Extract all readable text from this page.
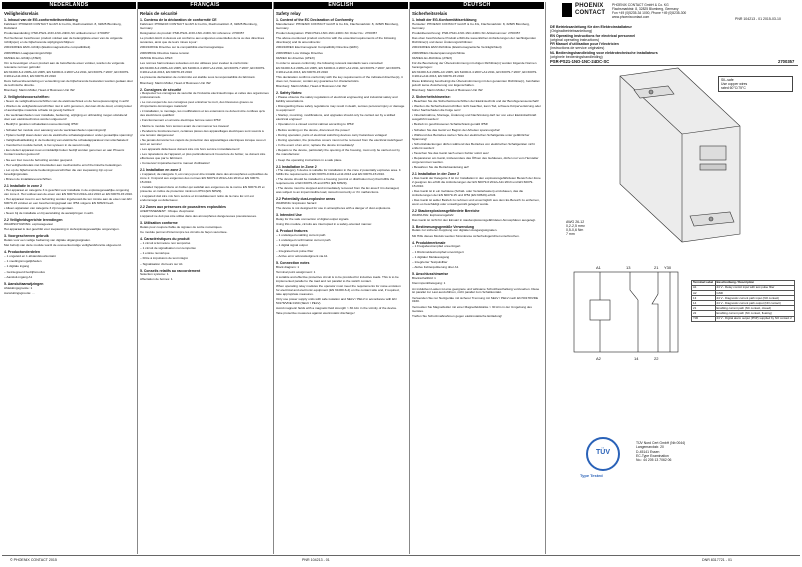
NEDERLANDS
Veiligheidsrelais
1. Inhoud van de EG-conformiteitsverklaring

Fabrikant: PHOENIX CONTACT GmbH & Co.KG, Flachsmarktstr. 8, 32825 Blomberg, Duitsland

Productaanduiding: PSR-PS21-1NO-1NC-24DC-SC artikelnummer: 2700357

Het hierboven beschreven product voldoet aan de belangrijkste eisen van de volgende richtlijn(en) en de bijbehorende wijzigingsrichtlijnen:

2004/108/EG EMC-richtlijn (Elektromagnetische compatibiliteit)

2006/95/EG Laagspanningsrichtlijn

94/9/EG Ex-richtlijn (ATEX)

Om te bevestigen of een product aan de betreffende eisen voldoet, worden de volgende relevante normen gebruikt:

EN 61000-6-2:2005+AC:2005, EN 61000-6-4:2007+A1:2011, EN 60079-7:2007, EN 60079-0:2012+A11:2013, EN 60079-15:2010

Deze beheersbeoordeling en verwerking van de bijbehorende bestanden worden gedaan door de technische directie.

Blomberg: Martin Müller, Head of Business Unit IIW

2. Veiligheidsvoorschriften:

• Neem de veiligheidsvoorschriften van de elektrotechniek en de beroepsvereniging in acht!

• Worden de veiligheidsvoorschriften niet in acht genomen, dan kan dit de dood, ernstig letsel of aanzienlijke materiële schade tot gevolg hebben!

• De werkzaamheden voor installatie, bediening, wijziging en uitbreiding mogen uitsluitend door een elektrotechnicus worden uitgevoerd!

• Bedrijf in gesloten schakelkast overeenkomstig IP54!

• Schakel het module voor aanvang van de werkzaamheden spanningsvrij!

• Tijdens bedrijf staan delen van de elektrische schakelapparatuur onder gevaarlijke spanning!

• Veiligheidsafdekking in de bediening van elektrische schakelapparatuur niet uitschakelen!

• Voordat het module betreft, is het systeem in de wereld nodig

• Een defect apparaat moet onmiddellijk buiten bedrijf worden genomen en aan Phoenix Contact worden gestuurd!

• Na een fout moet de behuizing worden geopend.

• Het veiligheidsrelais niet blootstellen aan mechanische en/of thermische belastingen.

• Let op de bijbehorende bedieningsvoorschriften die van toepassing zijn op uw beveiligingsrelais.

• Binnen de installatievoorschriften.

2.1 Installatie in zone 2

• Het apparaat en categorie 3 is geschikt voor installatie in de explosiegevaarlijke omgeving van zone 2. Het voldoet aan de eisen van EN 60079-0:2012+A11:2013 en EN 60079-15:2010.

• Het apparaat moet in een behuizing worden ingebouwd die ten minste aan de eisen van EN 60079-15 voldoet en een beschermingsgraad van IP54 volgens EN 60529 heeft.

• Alleen apparaten van categorie 3 zijn toegestaan.

• Neem bij de installatie en bij aansluiting de aanwijzingen in acht.

2.2 Veiligheidsgerichte lerendingen

WAARSCHUWING: explosiegevaar

Het apparaat is niet geschikt voor toepassing in stofexplosiegevaarlijke omgevingen.

3. Voorgeschreven gebruik

Relais voor een veilige bediening van digitale uitgangssignalen.

Met behulp van deze module wordt de overeenkomstige veiligheidsfunctie uitgevoerd.

4. Productonderdelen

– 1 ongeleid en 1 afstandstuurkontakt

– 1 voedingsmogelijkheden

– 1 digitale ingang

– Geïntegreerd bedrijfsmodus

– Aansluit-ingang A1

5. Aansluitaanwijzingen

Afdekkingsgrootte: 1

Aansluitingsgrootte: ...

FRANÇAIS
Relais de sécurité
1. Contenu de la déclaration de conformité CE

Fabricant: PHOENIX CONTACT GmbH & Co.KG, Flachsmarktstr. 8, 32825 Blomberg, Germany

Désignation du produit: PSR-PS21-1NO-1NC-24DC-SC référence: 2700357

Le produit décrit ci-dessus est conforme aux exigences essentielles de la ou des directives suivantes, ainsi que de leurs mises à jour:

2004/108/CE Directive sur la compatibilité électromagnétique

2006/95/CE Directive basse tension

94/9/CE Directive ATEX

Les normes harmonisées suivantes ont été utilisées pour évaluer la conformité:

EN 61000-6-2:2005+AC:2005, EN 61000-6-4:2007+A1:2011, EN 60079-7:2007, EN 60079-0:2012+A11:2013, EN 60079-15:2010

La présente déclaration de conformité est établie sous la responsabilité du fabricant.

Blomberg: Martin Müller, Head of Business Unit IIW

2. Consignes de sécurité

• Respectez les consignes de sécurité de l'industrie électrotechnique et celles des organismes professionnels.

• Le non-respect de ces consignes peut entraîner la mort, des blessures graves ou d'importants dommages matériels!

• L'installation, le montage, les modifications et les extensions ne doivent être confiées qu'à des électriciens qualifiés!

• Fonctionnement en armoire électrique fermée selon IP54!

• Mettre le module hors tension avant de commencer les travaux!

• Pendant le fonctionnement, certaines pièces des appareillages électriques sont soumis à une tension dangereuse!

• Ne jamais démonter les capots de protection des appareillages électriques lorsque ceux-ci sont en service!

• Les appareils défectueux doivent être mis hors service immédiatement!

• Les réparations de l'appareil, et plus particulièrement l'ouverture du boîtier, ne doivent être effectuées que par le fabricant.

• Conservez impérativement le manuel d'utilisation!

2.1 Installation en zone 2

• L'appareil, de catégorie 3, est conçu pour être installé dans des atmosphères explosibles de zone 2. Il répond aux exigences des normes EN 60079-0:2012+A11:2013 et EN 60079-15:2010.

• Installez l'appareil dans un boîtier qui satisfait aux exigences de la norme EN 60079-15 et présente un indice de protection minimum IP54 (EN 60529).

• L'appareil doit être mis hors service et immédiatement retiré de la zone Ex si il est endommagé ou défectueux.

2.2 Zones aux présences de poussières explosibles

AVERTISSEMENT : Risque d'explosion

L'appareil ne doit pas être utilisé dans des atmosphères dangereuses poussiéreuses.

3. Utilisation conforme

Relais pour coupure fiable de signaux de sortie numériques.

Ce module permet d'interrompre les circuits de façon sécurisée.

4. Caractéristiques du produit

– 1 circuit à fermeture non temporisé

– 1 circuit de signalisation non temporisé

– 1 entrée numérique

– Filtre à impulsions de test intégré

– Signalisation d'erreurs sur A1

5. Conseils relatifs au raccordement

Sélection système: 1

Affectation de bornes: 1

ENGLISH
Safety relay
1. Content of the EC Declaration of Conformity

Manufacturer: PHOENIX CONTACT GmbH & Co.KG, Flachsmarktstr. 8, 32825 Blomberg, Germany

Product designation: PSR-PS21-1NO-1NC-24DC-SC Order No.: 2700357

The above-mentioned product conforms with the essential requirements of the following directive(s) and its amendments:

2004/108/EC Electromagnetic Compatibility Directive (EMC)

2006/95/EC Low Voltage Directive

94/9/EC Ex directive (ATEX)

In order to assess conformity, the following relevant standards were consulted:

EN 61000-6-2:2005+AC:2005, EN 61000-6-4:2007+A1:2011, EN 60079-7:2007, EN 60079-0:2012+A11:2013, EN 60079-15:2010

This declaration confirms conformity with the key requirements of the indicated directive(s), it does not, however, contain any guarantee for characteristics.

Blomberg: Martin Müller, Head of Business Unit IIW

2. Safety Notes:

• Please observe the safety regulations of electrical engineering and industrial safety and liability associations.

• Disregarding these safety regulations may result in death, serious personal injury or damage to equipment!

• Startup, mounting, modifications, and upgrades should only be carried out by a skilled electrical engineer!

• Operation in a closed control cabinet according to IP54!

• Before working on the device, disconnect the power!

• During operation, parts of electrical switching devices carry hazardous voltages!

• During operation, the protective covers must not be removed from the electrical switchgear!

• In the event of an error, replace the device immediately!

• Repairs to the device, particularly the opening of the housing, must only be carried out by the manufacturer.

• Keep the operating instructions in a safe place.

2.1 Installation in Zone 2

• The category 3 device is suitable for installation in the zone 2 potentially explosive area. It fulfills the requirements of EN 60079-0:2012+A11:2013 and EN 60079-15:2010.

• The device should be installed in a housing (control or distribution box) that fulfills the requirements of EN 60079-15 and IP54 (EN 60529).

• The device must be stopped and immediately removed from the Ex area if it is damaged, was subject to an impermissible load, stored incorrectly or if it malfunctions.

2.2 Potentially dust-explosive areas

WARNING: Explosion hazard

The device is not designed for use in atmospheres with a danger of dust explosions.

3. Intended Use

Relay for the safe connection of digital output signals.

Using this module, circuits are interrupted in a safety-oriented manner.

4. Product features

– 1 undelayed enabling current path

– 1 undelayed confirmation current path

– 1 digital signal output

– Integrated test pulse filter

– Active error acknowledgment via A1

5. Connection notes

Block diagram: 1

Terminal point assignment: 1

A suitable and effective protective circuit is to be provided for inductive loads. This is to be implemented parallel to the load and not parallel to the switch contact.

When operating relay modules the operator must meet the requirements for noise emission for electrical and electronic equipment (EN 61000-6-4) on the contact side and, if required, take appropriate measures.

Only use power supply units with safe isolation and SELV / PELV in accordance with EN 50178/VDE 0160 (SELV / PELV).

Avoid magnetic fields with a magnetic field strength > 30 A/m in the vicinity of the device.

Take protective measures against electrostatic discharge!

DEUTSCH
Sicherheitsrelais
1. Inhalt der EG-Konformitätserklärung

Hersteller: PHOENIX CONTACT GmbH & Co.KG, Flachsmarktstr. 8, 32825 Blomberg, Germany

Produktbezeichnung: PSR-PS21-1NO-1NC-24DC-SC Artikelnummer: 2700357

Das oben beschriebene Produkt erfüllt die wesentlichen Anforderungen der nachfolgenden Richtlinie(n) und deren Änderungsrichtlinien:

2004/108/EG EMV-Richtlinie (Elektromagnetische Verträglichkeit)

2006/95/EG Niederspannungsrichtlinie

94/9/EG Ex-Richtlinie (ATEX)

Für die Beurteilung der Übereinstimmung mit obigen Richtlinie(n) wurden folgende Normen herangezogen:

EN 61000-6-2:2005+AC:2005, EN 61000-6-4:2007+A1:2011, EN 60079-7:2007, EN 60079-0:2012+A11:2013, EN 60079-15:2010

Diese Erklärung bescheinigt die Übereinstimmung mit den genannten Richtlinie(n), beinhaltet jedoch keine Zusicherung von Eigenschaften.

Blomberg: Martin Müller, Head of Business Unit IIW

2. Sicherheitshinweise:

• Beachten Sie die Sicherheitsvorschriften der Elektrotechnik und der Berufsgenossenschaft!

• Werden die Sicherheitsvorschriften nicht beachtet, kann Tod, schwere Körperverletzung oder hoher Sachschaden die Folge sein!

• Inbetriebnahme, Montage, Änderung und Nachrüstung darf nur von einer Elektrofachkraft ausgeführt werden!

• Betrieb im geschlossenen Schaltschrank gemäß IP54!

• Schalten Sie das Gerät vor Beginn der Arbeiten spannungsfrei!

• Während des Betriebes stehen Teile der elektrischen Schaltgeräte unter gefährlicher Spannung!

• Schutzabdeckungen dürfen während des Betriebes von elektrischen Schaltgeräten nicht entfernt werden!

• Tauschen Sie das Gerät nach einem Fehler sofort aus!

• Reparaturen am Gerät, insbesondere das Öffnen des Gehäuses, dürfen nur vom Hersteller vorgenommen werden.

• Bewahren Sie die Betriebsanleitung auf!

2.1 Installation in der Zone 2

• Das Gerät der Kategorie 3 ist zur Installation in den explosionsgefährdeten Bereich der Zone 2 geeignet. Es erfüllt die Anforderungen der EN 60079-0:2012+A11:2013 und EN 60079-15:2010.

• Das Gerät ist in ein Gehäuse (Schalt- oder Verteilerkasten) einzubauen, das die Anforderungen der EN 60079-15 und IP54 (EN 60529) erfüllt.

• Das Gerät ist außer Betrieb zu nehmen und unverzüglich aus dem Ex-Bereich zu entfernen, wenn es beschädigt oder unsachgemäß gelagert wurde.

2.2 Staubexplosionsgefährdete Bereiche

WARNUNG: Explosionsgefahr

Das Gerät ist nicht für den Einsatz in staubexplosionsgefährdeten Atmosphären ausgelegt.

3. Bestimmungsgemäße Verwendung

Relais zur sicheren Kopplung von digitalen Ausgangssignalen.

Mit Hilfe dieses Moduls werden Stromkreise sicherheitsgerichtet unterbrochen.

4. Produktmerkmale

– 1 Freigabestrompfad unverzögert

– 1 Rückmeldestrompfad unverzögert

– 1 digitaler Meldeausgang

– Integrierter Testpulsfilter

– Aktive Fehlerquittierung über A1

5. Anschlusshinweise

Blockschaltbild: 1

Klemmpunktbelegung: 1

An induktiven Lasten ist eine geeignete und wirksame Schutzbeschaltung vorzusehen. Diese ist parallel zur Last auszuführen, nicht parallel zum Schaltkontakt.

Verwenden Sie nur Netzgeräte mit sicherer Trennung mit SELV / PELV nach EN 50178/VDE 0160.

Vermeiden Sie Magnetfelder mit einer Magnetfeldstärke > 30 A/m in der Umgebung des Gerätes.

Treffen Sie Schutzmaßnahmen gegen elektrostatische Entladung!

PHOENIX
CONTACT
PHOENIX CONTACT GmbH & Co. KG
Flachsmarktstr. 8, 32825 Blomberg, Germany
Fon +49 (0)5235-34 1000, Phone +49 (0)5235-300
www.phoenixcontact.com	PNR 104213 - 01 2015-03-10
DE Betriebsanleitung für den Elektroinstallateur
(Originalbetriebsanleitung)
EN Operating instructions for electrical personnel
(original operating instructions)
FR Manuel d'utilisation pour l'électricien
(instructions de service originales)
NL Bedieningshandleiding voor elektrotechnische installateurs
(originele bedieningshandleiding)
PSR-PS21-1NO-1NC-24DC-SC	2700357
SIL-safe
Use copper wires
rated 60°C/75°C
AWG 26-12
0,2-2,5 mm²
0,5-0,6 Nm
7 mm
A1	13	21 Y30
A2	14	22
Terminal Label	Beschreibung / Description
A1	24 V - Relay control input with test pulse filter
A2	GND
13	24 V - Diagnostic current path input (NO contact)
14	24 V - Diagnostic current path output (NO contact)
21	Enabling current path (NC contact, closed)
22	Enabling current path (NC contact, floating)
Y30	24 V - Digital alarm output (PNP) supplied by NO contact 2
TÜV
Type Tested
TÜV Nord Cert GmbH (Nb 0044)
Langemarckstr. 20
D-45141 Essen
EC-Type Examination
No.: 44 205 13 7062 06
© PHOENIX CONTACT 2015	PNR 104213 - 01	DNR 8317721 - 01
